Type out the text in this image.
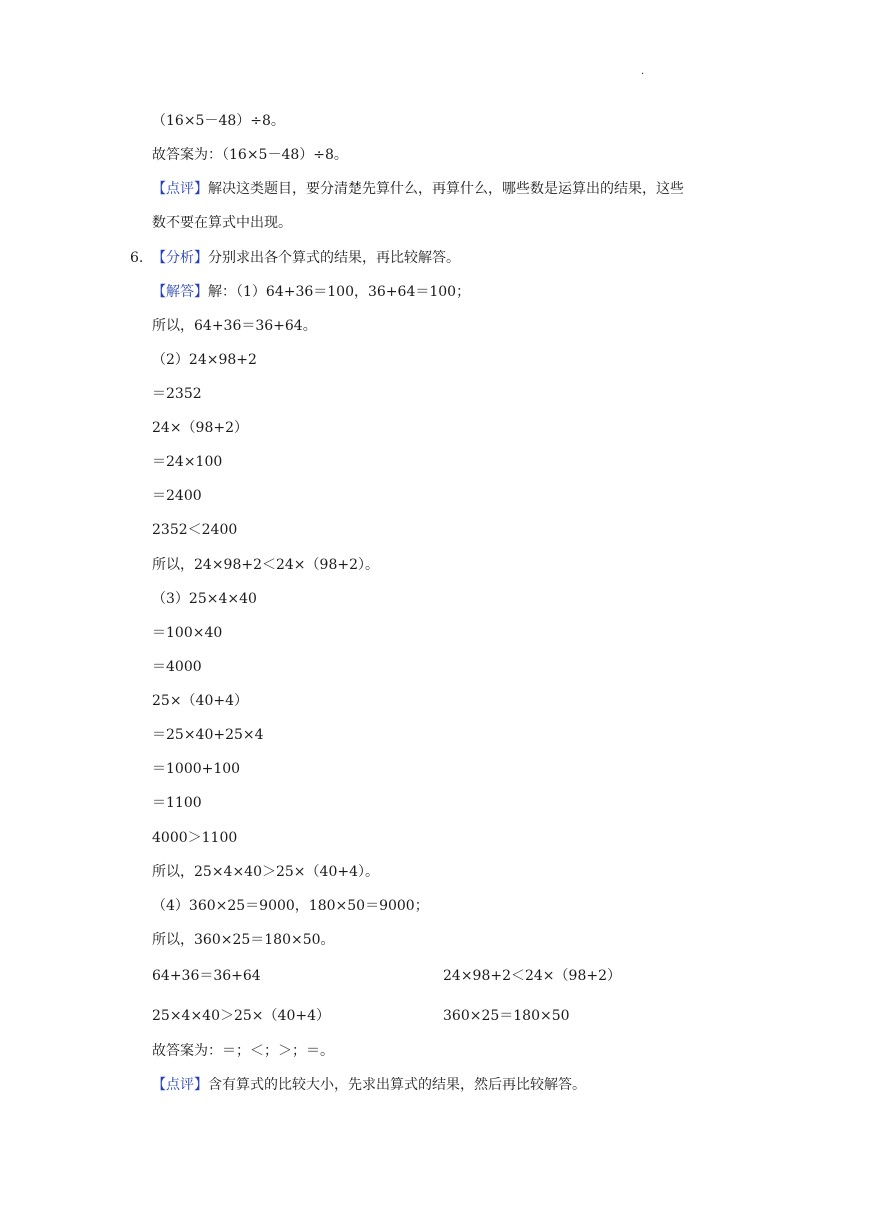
.
（16×5－48）÷8。
故答案为：（16×5－48）÷8。
【点评】解决这类题目，要分清楚先算什么，再算什么，哪些数是运算出的结果，这些
数不要在算式中出现。
6. 【分析】分别求出各个算式的结果，再比较解答。
【解答】解：（1）64+36＝100，36+64＝100；
所以，64+36＝36+64。
（2）24×98+2
＝2352
24×（98+2）
＝24×100
＝2400
2352＜2400
所以，24×98+2＜24×（98+2）。
（3）25×4×40
＝100×40
＝4000
25×（40+4）
＝25×40+25×4
＝1000+100
＝1100
4000＞1100
所以，25×4×40＞25×（40+4）。
（4）360×25＝9000，180×50＝9000；
所以，360×25＝180×50。
64+36＝36+64	24×98+2＜24×（98+2）
25×4×40＞25×（40+4）	360×25＝180×50
故答案为：＝；＜；＞；＝。
【点评】含有算式的比较大小，先求出算式的结果，然后再比较解答。
